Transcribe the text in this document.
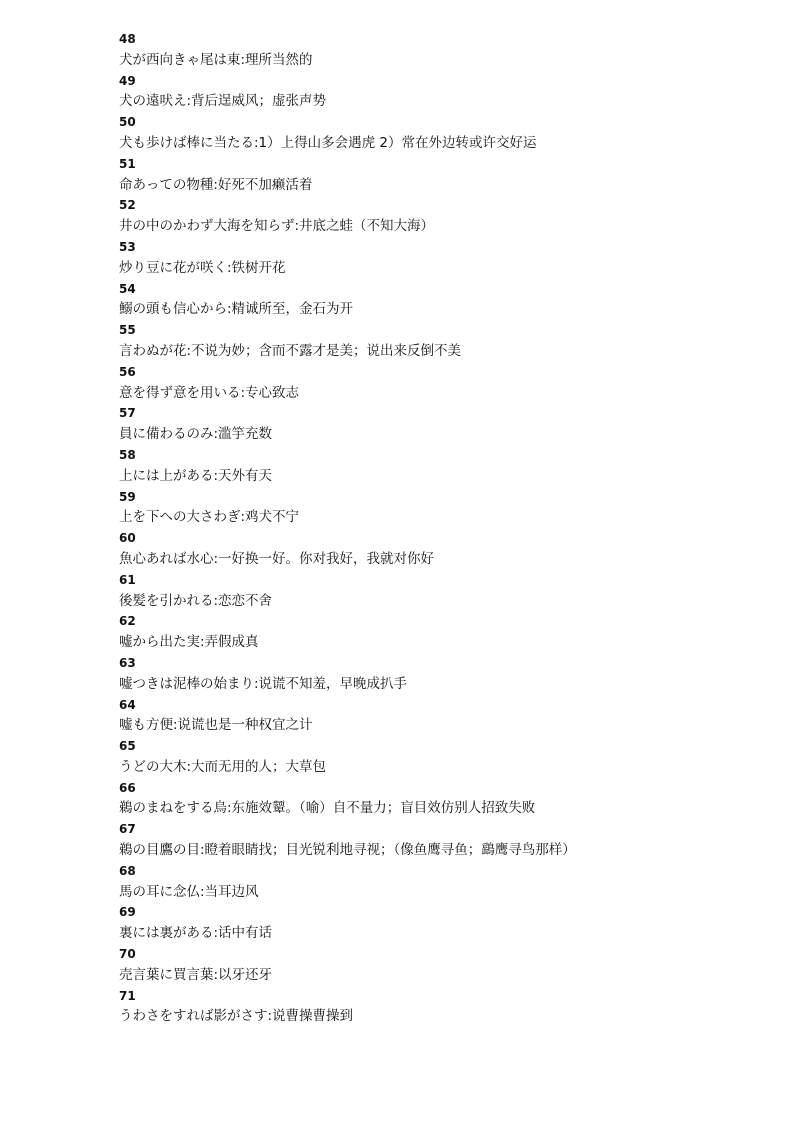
48
犬が西向きゃ尾は東:理所当然的
49
犬の遠吠え:背后逞威风；虚张声势
50
犬も歩けば棒に当たる:1）上得山多会遇虎 2）常在外边转或许交好运
51
命あっての物種:好死不加癞活着
52
井の中のかわず大海を知らず:井底之蛙（不知大海）
53
炒り豆に花が咲く:铁树开花
54
鰯の頭も信心から:精诚所至，金石为开
55
言わぬが花:不说为妙；含而不露才是美；说出来反倒不美
56
意を得ず意を用いる:专心致志
57
員に備わるのみ:滥竽充数
58
上には上がある:天外有天
59
上を下への大さわぎ:鸡犬不宁
60
魚心あれば水心:一好换一好。你对我好，我就对你好
61
後髪を引かれる:恋恋不舍
62
嘘から出た実:弄假成真
63
嘘つきは泥棒の始まり:说谎不知羞，早晚成扒手
64
嘘も方便:说谎也是一种权宜之计
65
うどの大木:大而无用的人；大草包
66
鵜のまねをする烏:东施效颦。（喻）自不量力；盲目效仿别人招致失败
67
鵜の目鷹の目:瞪着眼睛找；目光锐利地寻视；（像鱼鹰寻鱼；鷂鹰寻鸟那样）
68
馬の耳に念仏:当耳边风
69
裏には裏がある:话中有话
70
売言葉に買言葉:以牙还牙
71
うわさをすれば影がさす:说曹操曹操到
